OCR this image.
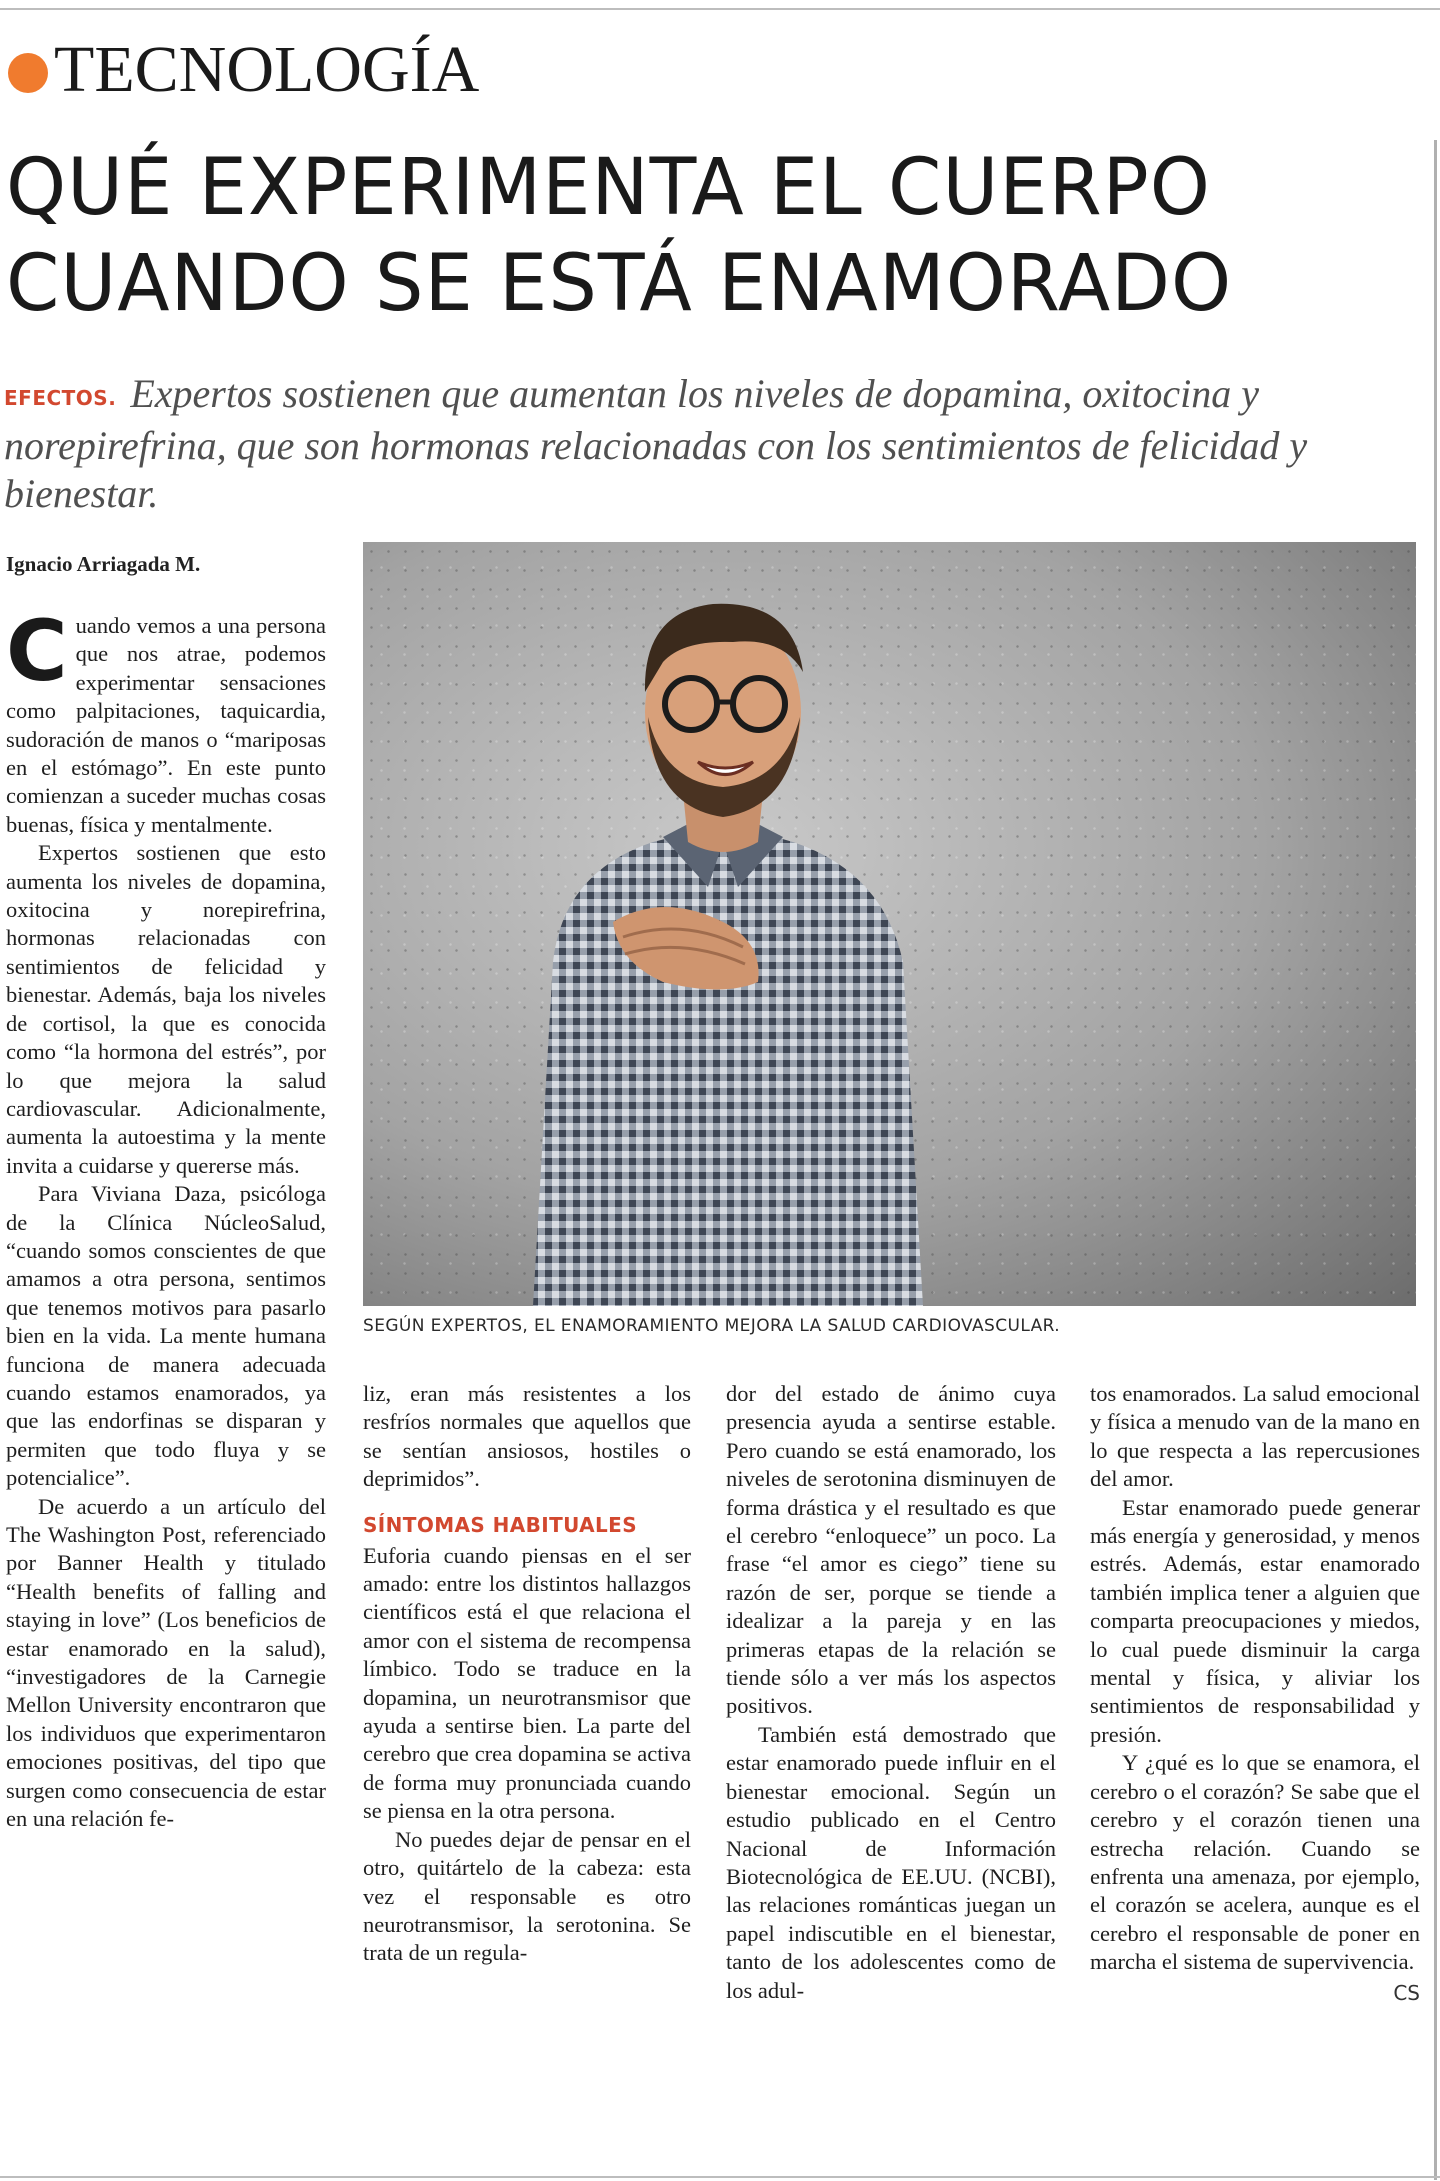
TECNOLOGÍA
QUÉ EXPERIMENTA EL CUERPO
CUANDO SE ESTÁ ENAMORADO
EFECTOS. Expertos sostienen que aumentan los niveles de dopamina, oxitocina y norepirefrina, que son hormonas relacionadas con los sentimientos de felicidad y bienestar.
Ignacio Arriagada M.
SEGÚN EXPERTOS, EL ENAMORAMIENTO MEJORA LA SALUD CARDIOVASCULAR.

Cuando vemos a una persona que nos atrae, podemos experimentar sensaciones como palpitaciones, taquicardia, sudoración de manos o “mariposas en el estómago”. En este punto comienzan a suceder muchas cosas buenas, física y mentalmente.

Expertos sostienen que esto aumenta los niveles de dopamina, oxitocina y norepirefrina, hormonas relacionadas con sentimientos de felicidad y bienestar. Además, baja los niveles de cortisol, la que es conocida como “la hormona del estrés”, por lo que mejora la salud cardiovascular. Adicionalmente, aumenta la autoestima y la mente invita a cuidarse y quererse más.

Para Viviana Daza, psicóloga de la Clínica NúcleoSalud, “cuando somos conscientes de que amamos a otra persona, sentimos que tenemos motivos para pasarlo bien en la vida. La mente humana funciona de manera adecuada cuando estamos enamorados, ya que las endorfinas se disparan y permiten que todo fluya y se potencialice”.

De acuerdo a un artículo del The Washington Post, referenciado por Banner Health y titulado “Health benefits of falling and staying in love” (Los beneficios de estar enamorado en la salud), “investigadores de la Carnegie Mellon University encontraron que los individuos que experimentaron emociones positivas, del tipo que surgen como consecuencia de estar en una relación fe-

liz, eran más resistentes a los resfríos normales que aquellos que se sentían ansiosos, hostiles o deprimidos”.

SÍNTOMAS HABITUALES

Euforia cuando piensas en el ser amado: entre los distintos hallazgos científicos está el que relaciona el amor con el sistema de recompensa límbico. Todo se traduce en la dopamina, un neurotransmisor que ayuda a sentirse bien. La parte del cerebro que crea dopamina se activa de forma muy pronunciada cuando se piensa en la otra persona.

No puedes dejar de pensar en el otro, quitártelo de la cabeza: esta vez el responsable es otro neurotransmisor, la serotonina. Se trata de un regula-

dor del estado de ánimo cuya presencia ayuda a sentirse estable. Pero cuando se está enamorado, los niveles de serotonina disminuyen de forma drástica y el resultado es que el cerebro “enloquece” un poco. La frase “el amor es ciego” tiene su razón de ser, porque se tiende a idealizar a la pareja y en las primeras etapas de la relación se tiende sólo a ver más los aspectos positivos.

También está demostrado que estar enamorado puede influir en el bienestar emocional. Según un estudio publicado en el Centro Nacional de Información Biotecnológica de EE.UU. (NCBI), las relaciones románticas juegan un papel indiscutible en el bienestar, tanto de los adolescentes como de los adul-

tos enamorados. La salud emocional y física a menudo van de la mano en lo que respecta a las repercusiones del amor.

Estar enamorado puede generar más energía y generosidad, y menos estrés. Además, estar enamorado también implica tener a alguien que comparta preocupaciones y miedos, lo cual puede disminuir la carga mental y física, y aliviar los sentimientos de responsabilidad y presión.

Y ¿qué es lo que se enamora, el cerebro o el corazón? Se sabe que el cerebro y el corazón tienen una estrecha relación. Cuando se enfrenta una amenaza, por ejemplo, el corazón se acelera, aunque es el cerebro el responsable de poner en marcha el sistema de supervivencia.

CS
